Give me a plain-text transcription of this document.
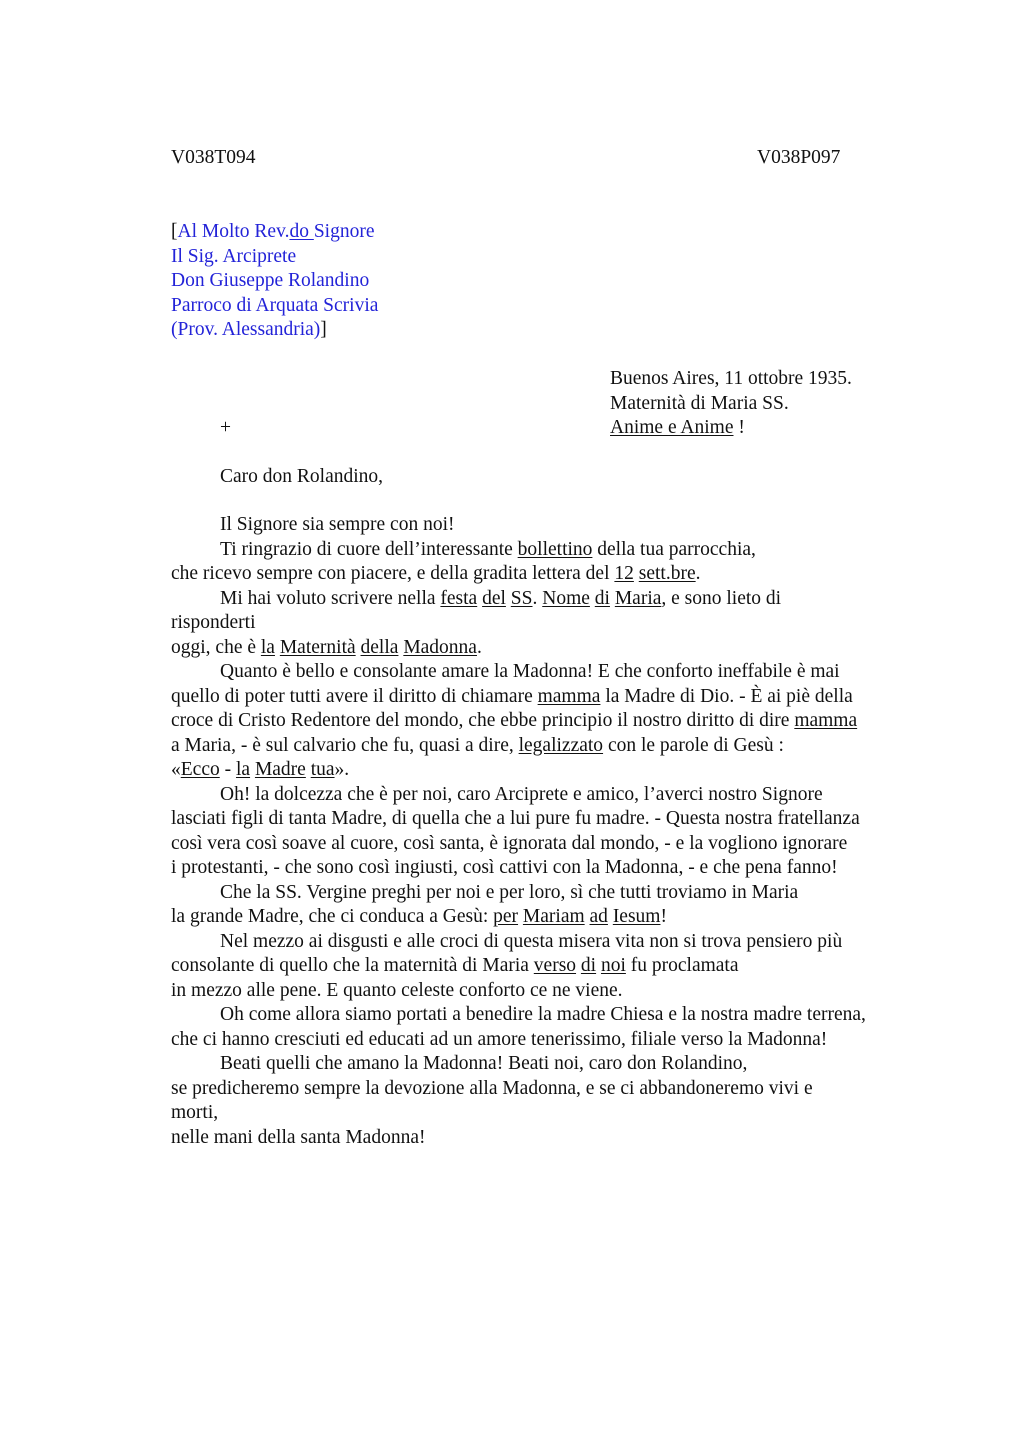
V038T094	V038P097
[Al Molto Rev.do Signore
Il Sig. Arciprete
Don Giuseppe Rolandino
Parroco di Arquata Scrivia
(Prov. Alessandria)]
Buenos Aires, 11 ottobre 1935.
Maternità di Maria SS.
Anime e Anime !
+
Caro don Rolandino,
Il Signore sia sempre con noi!
Ti ringrazio di cuore dell’interessante bollettino della tua parrocchia,
che ricevo sempre con piacere, e della gradita lettera del 12 sett.bre.
Mi hai voluto scrivere nella festa del SS. Nome di Maria, e sono lieto di
risponderti
oggi, che è la Maternità della Madonna.
Quanto è bello e consolante amare la Madonna! E che conforto ineffabile è mai
quello di poter tutti avere il diritto di chiamare mamma la Madre di Dio. - È ai piè della
croce di Cristo Redentore del mondo, che ebbe principio il nostro diritto di dire mamma
a Maria, - è sul calvario che fu, quasi a dire, legalizzato con le parole di Gesù :
«Ecco - la Madre tua».
Oh! la dolcezza che è per noi, caro Arciprete e amico, l’averci nostro Signore
lasciati figli di tanta Madre, di quella che a lui pure fu madre. - Questa nostra fratellanza
così vera così soave al cuore, così santa, è ignorata dal mondo, - e la vogliono ignorare
i protestanti, - che sono così ingiusti, così cattivi con la Madonna, - e che pena fanno!
Che la SS. Vergine preghi per noi e per loro, sì che tutti troviamo in Maria
la grande Madre, che ci conduca a Gesù: per Mariam ad Iesum!
Nel mezzo ai disgusti e alle croci di questa misera vita non si trova pensiero più
consolante di quello che la maternità di Maria verso di noi fu proclamata
in mezzo alle pene. E quanto celeste conforto ce ne viene.
Oh come allora siamo portati a benedire la madre Chiesa e la nostra madre terrena,
che ci hanno cresciuti ed educati ad un amore tenerissimo, filiale verso la Madonna!
Beati quelli che amano la Madonna! Beati noi, caro don Rolandino,
se predicheremo sempre la devozione alla Madonna, e se ci abbandoneremo vivi e
morti,
nelle mani della santa Madonna!
